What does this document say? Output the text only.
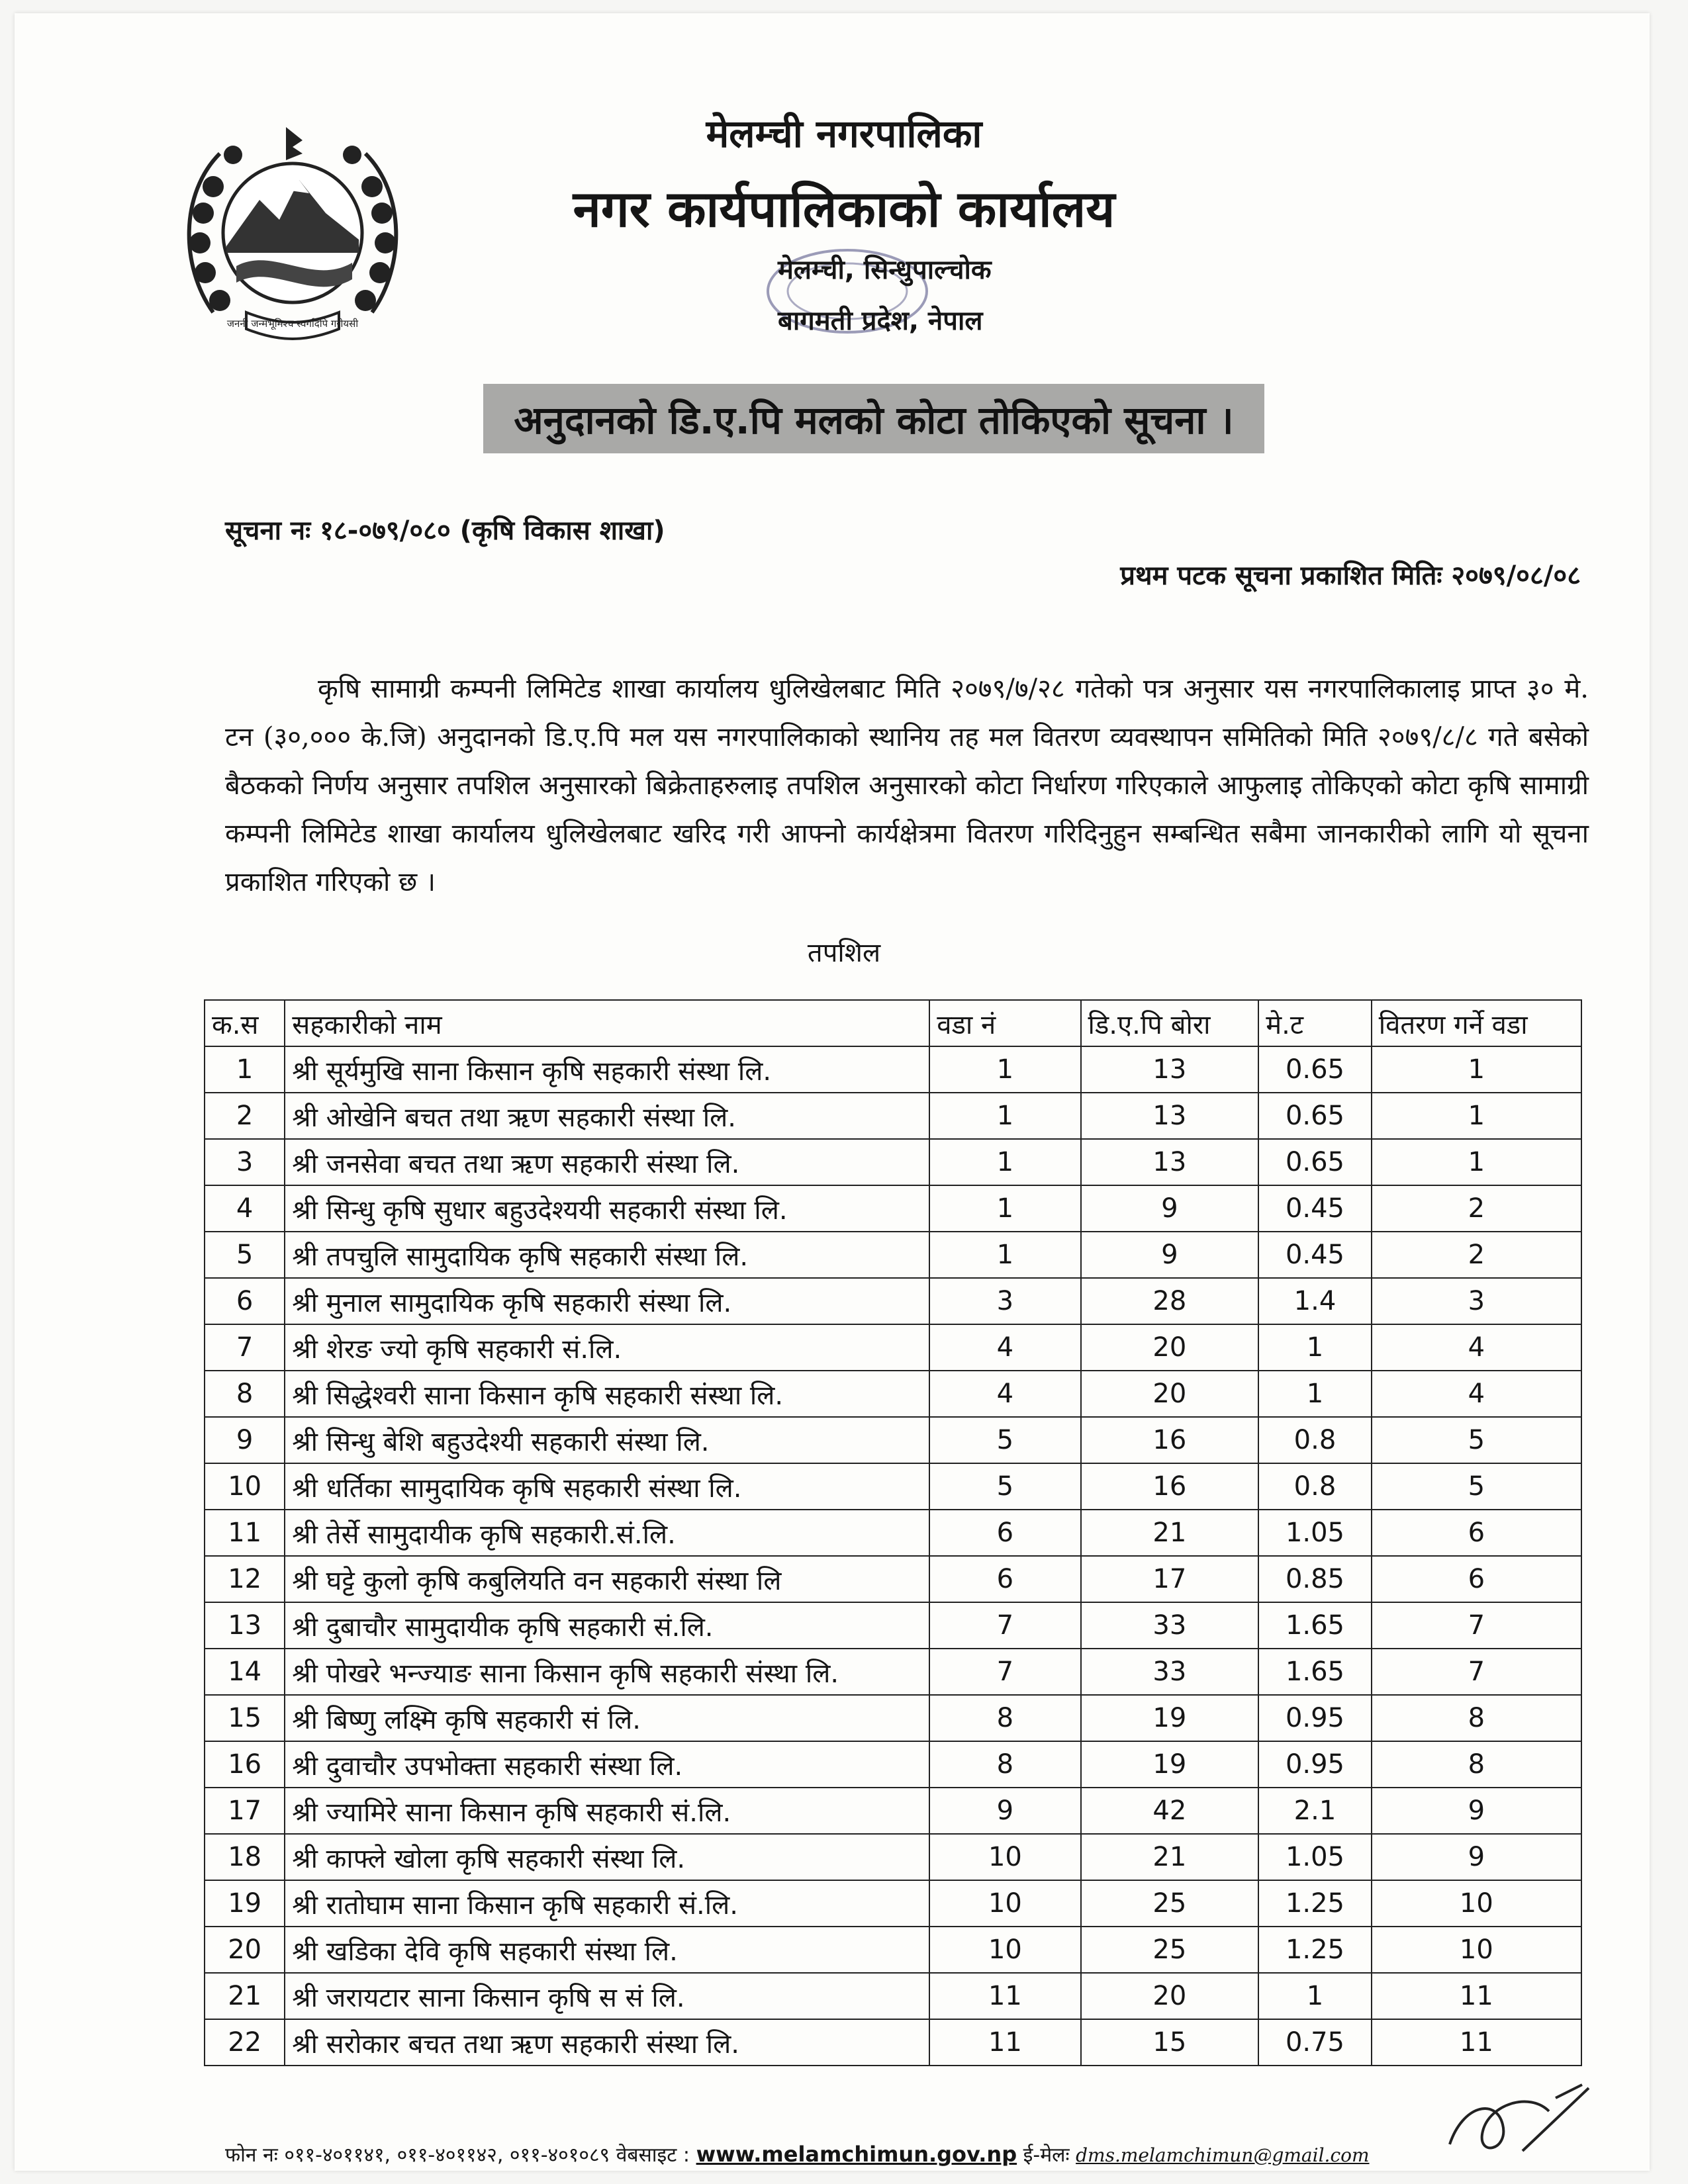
जननी जन्मभूमिश्च स्वर्गादपि गरीयसी
मेलम्ची नगरपालिका
नगर कार्यपालिकाको कार्यालय
मेलम्ची, सिन्धुपाल्चोक
बागमती प्रदेश, नेपाल
अनुदानको डि.ए.पि मलको कोटा तोकिएको सूचना ।
सूचना नः १८-०७९/०८० (कृषि विकास शाखा)
प्रथम पटक सूचना प्रकाशित मितिः २०७९/०८/०८
कृषि सामाग्री कम्पनी लिमिटेड शाखा कार्यालय धुलिखेलबाट मिति २०७९/७/२८ गतेको पत्र अनुसार यस नगरपालिकालाइ प्राप्त ३० मे. टन (३०,००० के.जि) अनुदानको डि.ए.पि मल यस नगरपालिकाको स्थानिय तह मल वितरण व्यवस्थापन समितिको मिति २०७९/८/८ गते बसेको बैठकको निर्णय अनुसार तपशिल अनुसारको बिक्रेताहरुलाइ तपशिल अनुसारको कोटा निर्धारण गरिएकाले आफुलाइ तोकिएको कोटा कृषि सामाग्री कम्पनी लिमिटेड शाखा कार्यालय धुलिखेलबाट खरिद गरी आफ्नो कार्यक्षेत्रमा वितरण गरिदिनुहुन सम्बन्धित सबैमा जानकारीको लागि यो सूचना प्रकाशित गरिएको छ ।
तपशिल
क.स	सहकारीको नाम	वडा नं	डि.ए.पि बोरा	मे.ट	वितरण गर्ने वडा
1	श्री सूर्यमुखि साना किसान कृषि सहकारी संस्था लि.	1	13	0.65	1
2	श्री ओखेनि बचत तथा ऋण सहकारी संस्था लि.	1	13	0.65	1
3	श्री जनसेवा बचत तथा ऋण सहकारी संस्था लि.	1	13	0.65	1
4	श्री सिन्धु कृषि सुधार बहुउदेश्ययी सहकारी संस्था लि.	1	9	0.45	2
5	श्री तपचुलि सामुदायिक कृषि सहकारी संस्था लि.	1	9	0.45	2
6	श्री मुनाल सामुदायिक कृषि सहकारी संस्था लि.	3	28	1.4	3
7	श्री शेरङ ज्यो कृषि सहकारी सं.लि.	4	20	1	4
8	श्री सिद्धेश्वरी साना किसान कृषि सहकारी संस्था लि.	4	20	1	4
9	श्री सिन्धु बेशि बहुउदेश्यी सहकारी संस्था लि.	5	16	0.8	5
10	श्री धर्तिका सामुदायिक कृषि सहकारी संस्था लि.	5	16	0.8	5
11	श्री तेर्से सामुदायीक कृषि सहकारी.सं.लि.	6	21	1.05	6
12	श्री घट्टे कुलो कृषि कबुलियति वन सहकारी संस्था लि	6	17	0.85	6
13	श्री दुबाचौर सामुदायीक कृषि सहकारी सं.लि.	7	33	1.65	7
14	श्री पोखरे भन्ज्याङ साना किसान कृषि सहकारी संस्था लि.	7	33	1.65	7
15	श्री बिष्णु लक्ष्मि कृषि सहकारी सं लि.	8	19	0.95	8
16	श्री दुवाचौर उपभोक्ता सहकारी संस्था लि.	8	19	0.95	8
17	श्री ज्यामिरे साना किसान कृषि सहकारी सं.लि.	9	42	2.1	9
18	श्री काफ्ले खोला कृषि सहकारी संस्था लि.	10	21	1.05	9
19	श्री रातोघाम साना किसान कृषि सहकारी सं.लि.	10	25	1.25	10
20	श्री खडिका देवि कृषि सहकारी संस्था लि.	10	25	1.25	10
21	श्री जरायटार साना किसान कृषि स सं लि.	11	20	1	11
22	श्री सरोकार बचत तथा ऋण सहकारी संस्था लि.	11	15	0.75	11
फोन नः ०११-४०११४१, ०११-४०११४२, ०११-४०१०८९ वेबसाइट : www.melamchimun.gov.np ई-मेलः dms.melamchimun@gmail.com
